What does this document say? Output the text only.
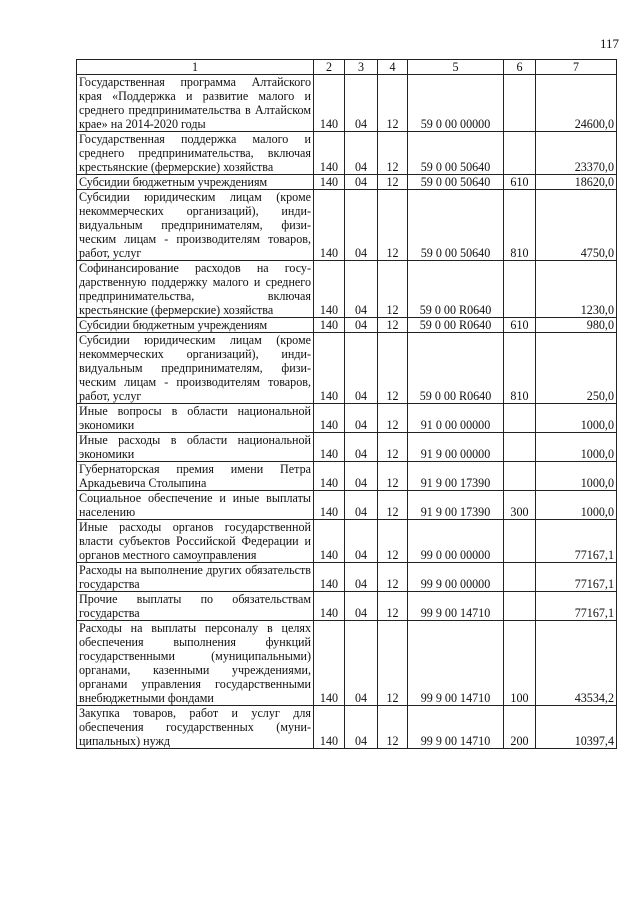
117
1	2	3	4	5	6	7
Государственная программа Алтайского края «Поддержка и развитие малого и среднего предпринимательства в Алтайском крае» на 2014-2020 годы	140	04	12	59 0 00 00000		24600,0
Государственная поддержка малого и среднего предпринимательства, включая крестьянские (фермерские) хозяйства	140	04	12	59 0 00 50640		23370,0
Субсидии бюджетным учреждениям	140	04	12	59 0 00 50640	610	18620,0
Субсидии юридическим лицам (кроме некоммерческих организаций), индивидуальным предпринимателям, физическим лицам - производителям товаров, работ, услуг	140	04	12	59 0 00 50640	810	4750,0
Софинансирование расходов на государственную поддержку малого и среднего предпринимательства, включая крестьянские (фермерские) хозяйства	140	04	12	59 0 00 R0640		1230,0
Субсидии бюджетным учреждениям	140	04	12	59 0 00 R0640	610	980,0
Субсидии юридическим лицам (кроме некоммерческих организаций), индивидуальным предпринимателям, физическим лицам - производителям товаров, работ, услуг	140	04	12	59 0 00 R0640	810	250,0
Иные вопросы в области национальной экономики	140	04	12	91 0 00 00000		1000,0
Иные расходы в области национальной экономики	140	04	12	91 9 00 00000		1000,0
Губернаторская премия имени Петра Аркадьевича Столыпина	140	04	12	91 9 00 17390		1000,0
Социальное обеспечение и иные выплаты населению	140	04	12	91 9 00 17390	300	1000,0
Иные расходы органов государственной власти субъектов Российской Федерации и органов местного самоуправления	140	04	12	99 0 00 00000		77167,1
Расходы на выполнение других обязательств государства	140	04	12	99 9 00 00000		77167,1
Прочие выплаты по обязательствам государства	140	04	12	99 9 00 14710		77167,1
Расходы на выплаты персоналу в целях обеспечения выполнения функций государственными (муниципальными) органами, казенными учреждениями, органами управления государственными внебюджетными фондами	140	04	12	99 9 00 14710	100	43534,2
Закупка товаров, работ и услуг для обеспечения государственных (муниципальных) нужд	140	04	12	99 9 00 14710	200	10397,4
